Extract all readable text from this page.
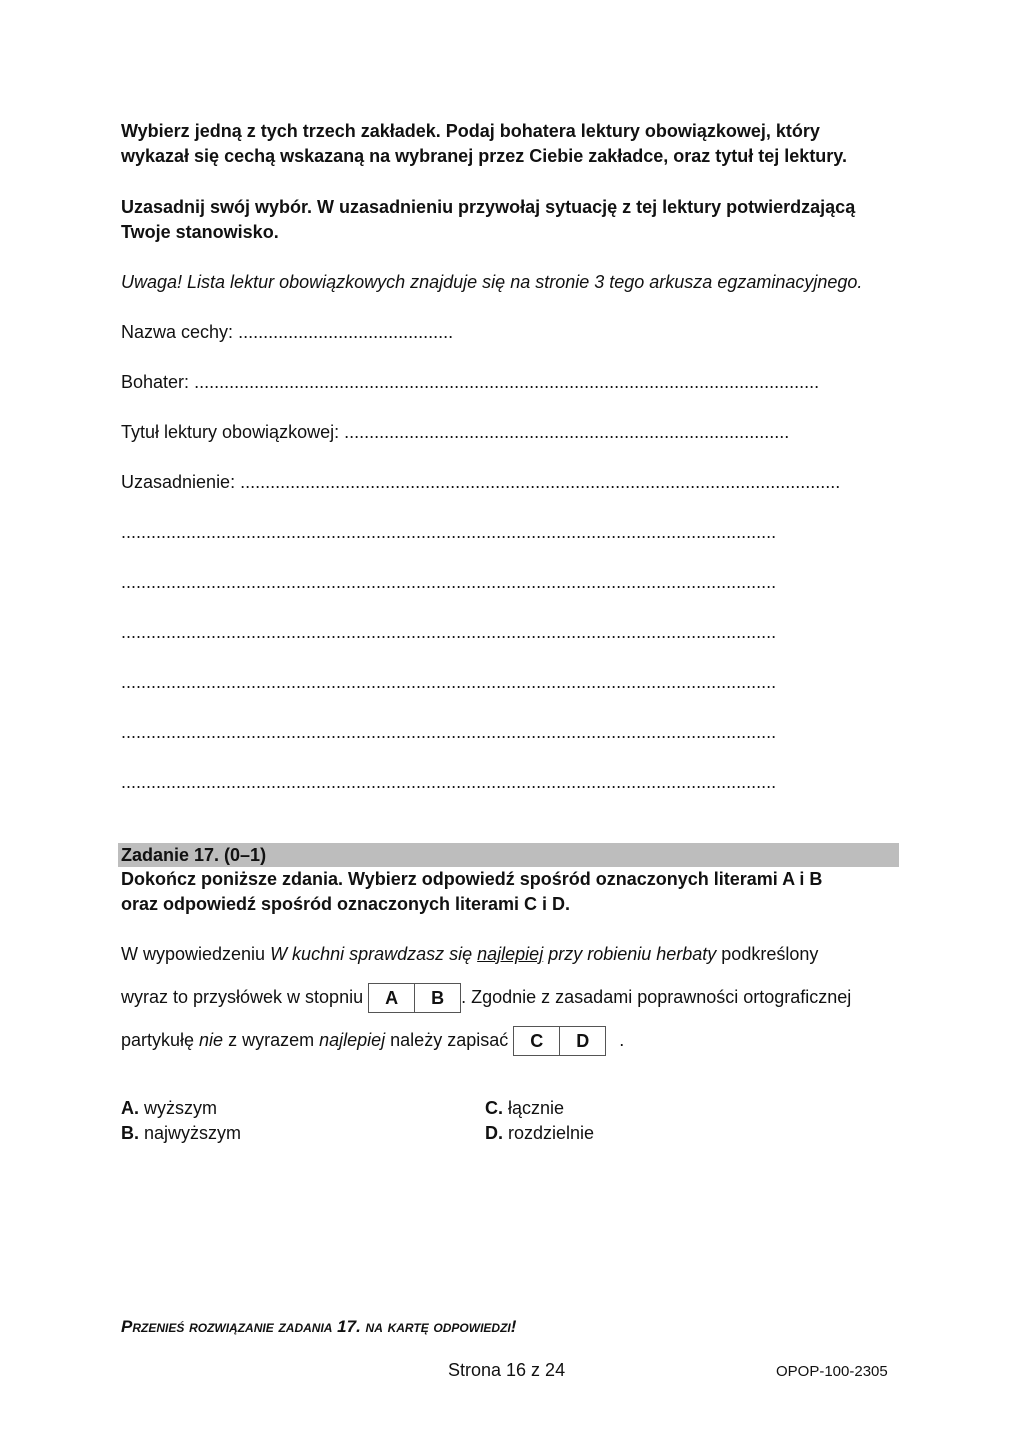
Wybierz jedną z tych trzech zakładek. Podaj bohatera lektury obowiązkowej, który
wykazał się cechą wskazaną na wybranej przez Ciebie zakładce, oraz tytuł tej lektury.
Uzasadnij swój wybór. W uzasadnieniu przywołaj sytuację z tej lektury potwierdzającą
Twoje stanowisko.
Uwaga! Lista lektur obowiązkowych znajduje się na stronie 3 tego arkusza egzaminacyjnego.
Nazwa cechy: ...........................................
Bohater: .............................................................................................................................
Tytuł lektury obowiązkowej: .........................................................................................
Uzasadnienie: ........................................................................................................................
...................................................................................................................................
...................................................................................................................................
...................................................................................................................................
...................................................................................................................................
...................................................................................................................................
...................................................................................................................................
Zadanie 17. (0–1)
Dokończ poniższe zdania. Wybierz odpowiedź spośród oznaczonych literami A i B
oraz odpowiedź spośród oznaczonych literami C i D.
W wypowiedzeniu W kuchni sprawdzasz się najlepiej przy robieniu herbaty podkreślony
wyraz to przysłówek w stopniu	A	B . Zgodnie z zasadami poprawności ortograficznej
partykułę nie z wyrazem najlepiej należy zapisać	C	D	.
A. wyższym
B. najwyższym
C. łącznie
D. rozdzielnie
Przenieś rozwiązanie zadania 17. na kartę odpowiedzi!
Strona 16 z 24	OPOP-100-2305
